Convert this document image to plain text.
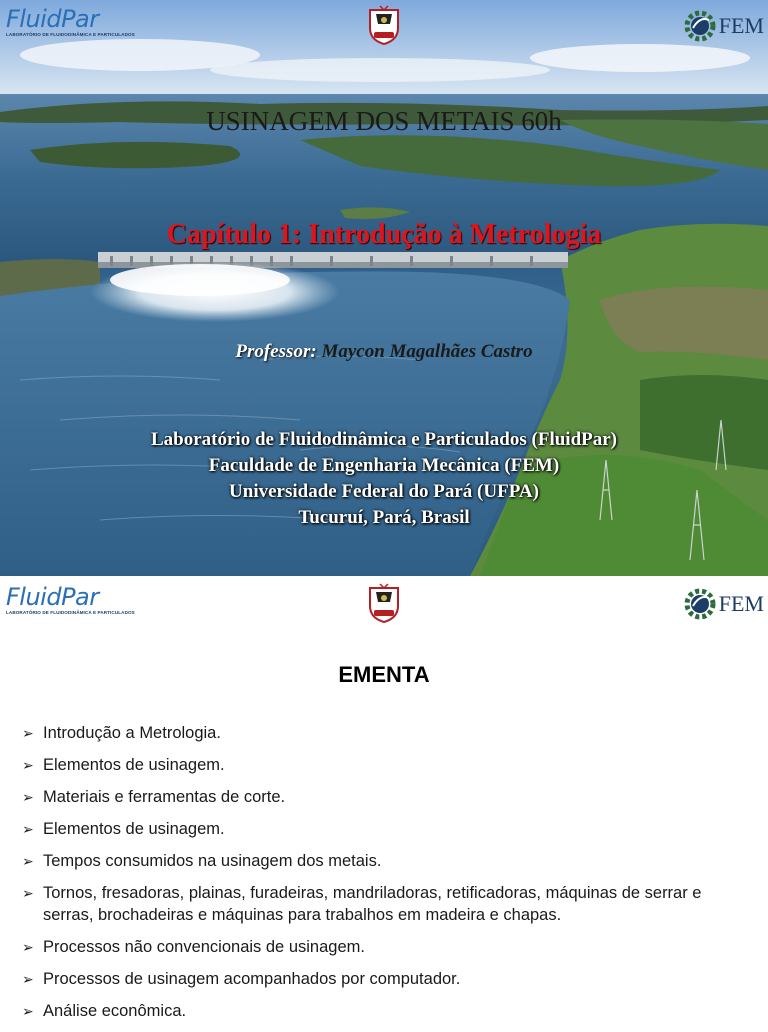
FluidPar
LABORATÓRIO DE FLUIDODINÂMICA E PARTICULADOS	FEM
USINAGEM DOS METAIS 60h
Capítulo 1: Introdução à Metrologia
Professor: Maycon Magalhães Castro
Laboratório de Fluidodinâmica e Particulados (FluidPar)
Faculdade de Engenharia Mecânica (FEM)
Universidade Federal do Pará (UFPA)
Tucuruí, Pará, Brasil
FluidPar
LABORATÓRIO DE FLUIDODINÂMICA E PARTICULADOS	FEM
EMENTA
➢ Introdução a Metrologia.
➢ Elementos de usinagem.
➢ Materiais e ferramentas de corte.
➢ Elementos de usinagem.
➢ Tempos consumidos na usinagem dos metais.
➢ Tornos, fresadoras, plainas, furadeiras, mandriladoras, retificadoras, máquinas de serrar e serras, brochadeiras e máquinas para trabalhos em madeira e chapas.
➢ Processos não convencionais de usinagem.
➢ Processos de usinagem acompanhados por computador.
➢ Análise econômica.
